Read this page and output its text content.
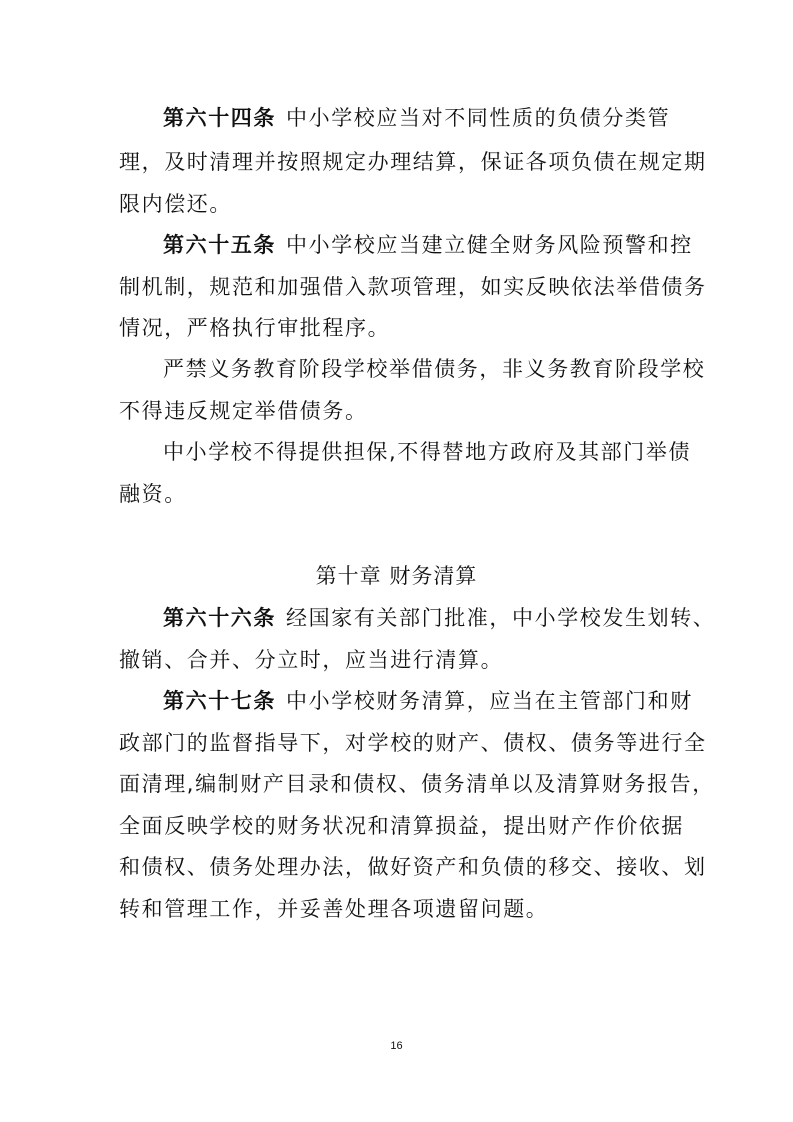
第六十四条 中小学校应当对不同性质的负债分类管
理，及时清理并按照规定办理结算，保证各项负债在规定期
限内偿还。
第六十五条 中小学校应当建立健全财务风险预警和控
制机制，规范和加强借入款项管理，如实反映依法举借债务
情况，严格执行审批程序。
严禁义务教育阶段学校举借债务，非义务教育阶段学校
不得违反规定举借债务。
中小学校不得提供担保,不得替地方政府及其部门举债
融资。
第十章 财务清算
第六十六条 经国家有关部门批准，中小学校发生划转、
撤销、合并、分立时，应当进行清算。
第六十七条 中小学校财务清算，应当在主管部门和财
政部门的监督指导下，对学校的财产、债权、债务等进行全
面清理,编制财产目录和债权、债务清单以及清算财务报告，
全面反映学校的财务状况和清算损益，提出财产作价依据
和债权、债务处理办法，做好资产和负债的移交、接收、划
转和管理工作，并妥善处理各项遗留问题。
16
